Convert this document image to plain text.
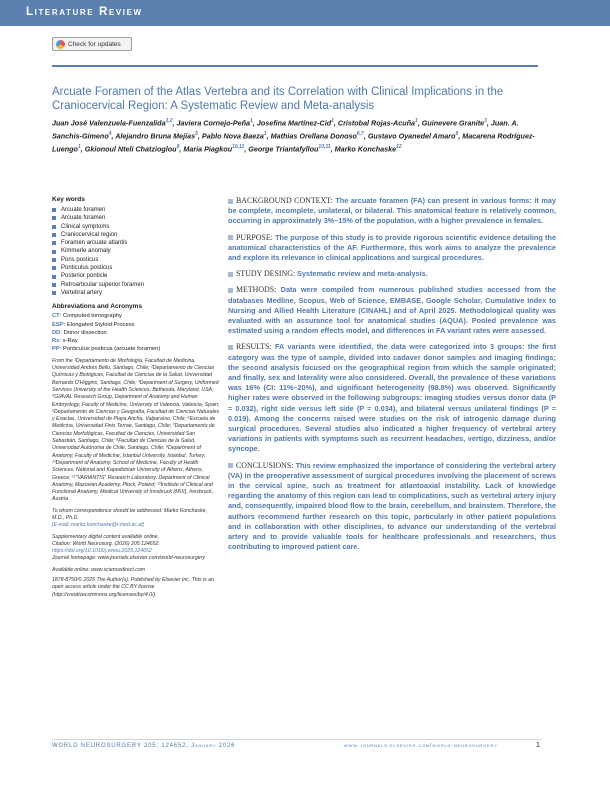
Literature Review
Check for updates
Arcuate Foramen of the Atlas Vertebra and its Correlation with Clinical Implications in the Craniocervical Region: A Systematic Review and Meta-analysis
Juan José Valenzuela-Fuenzalida$^{1,2}$, Javiera Cornejo-Peña$^1$, Josefina Martínez-Cid$^1$, Cristobal Rojas-Acuña$^1$, Guinevere Granite$^3$, Juan. A. Sanchis-Gimeno$^4$, Alejandro Bruna Mejías$^5$, Pablo Nova Baeza$^1$, Mathias Orellana Donoso$^{6,7}$, Gustavo Oyanedel Amaro$^8$, Macarena Rodríguez-Luengo$^1$, Gkionoul Nteli Chatzioglou$^9$, Maria Piagkou$^{10,11}$, George Triantafyllou$^{10,11}$, Marko Konchaske$^{12}$
Key words
Arcuate foramen
Arcuate foramen
Clinical symptoms
Craniocervical region
Foramen arcuate atlantis
Kimmerle anomaly
Pons posticus
Ponticulus posticus
Posterior ponticle
Retroarticular superior foramen
Vertebral artery
Abbreviations and Acronyms
CT: Computed tomography
ESP: Elongated Styloid Process
DD: Donor dissection
Rx: x-Ray
PP: Ponticulus posticus (arcuate foramen)
From the ¹Departamento de Morfología, Facultad de Medicina, Universidad Andrés Bello, Santiago, Chile; ²Departamento de Ciencias Químicas y Biológicas, Facultad de Ciencias de la Salud, Universidad Bernardo O'Higgins, Santiago, Chile; ³Department of Surgery, Uniformed Services University of the Health Sciences, Bethesda, Maryland, USA; ⁴GIAVAL Research Group, Department of Anatomy and Human Embryology, Faculty of Medicine, University of Valencia, Valencia, Spain; ⁵Departamento de Ciencias y Geografía, Facultad de Ciencias Naturales y Exactas, Universidad de Playa Ancha, Valparaíso, Chile; ⁶Escuela de Medicina, Universidad Finis Terrae, Santiago, Chile; ⁷Departamento de Ciencias Morfológicas, Facultad de Ciencias, Universidad San Sebastián, Santiago, Chile; ⁸Facultad de Ciencias de la Salud, Universidad Autónoma de Chile, Santiago, Chile; ⁹Department of Anatomy, Faculty of Medicine, Istanbul University, Istanbul, Turkey; ¹⁰Department of Anatomy, School of Medicine, Faculty of Health Sciences, National and Kapodistrian University of Athens, Athens, Greece; ¹¹"VARIANTIS" Research Laboratory, Department of Clinical Anatomy, Mazovian Academy, Płock, Poland; ¹²Institute of Clinical and Functional Anatomy, Medical University of Innsbruck (MUI), Innsbruck, Austria
To whom correspondence should be addressed: Marko Konchaske, M.D., Ph.D.
[E-mail: marko.konchaske@i-med.ac.at]
Supplementary digital content available online.
Citation: World Neurosurg. (2026) 205:124652.
https://doi.org/10.1016/j.wneu.2025.124652
Journal homepage: www.journals.elsevier.com/world-neurosurgery
Available online: www.sciencedirect.com
1878-8750/© 2025 The Author(s). Published by Elsevier Inc. This is an open access article under the CC BY license (http://creativecommons.org/licenses/by/4.0/).

BACKGROUND CONTEXT: The arcuate foramen (FA) can present in various forms: it may be complete, incomplete, unilateral, or bilateral. This anatomical feature is relatively common, occurring in approximately 3%–15% of the population, with a higher prevalence in females.

PURPOSE: The purpose of this study is to provide rigorous scientific evidence detailing the anatomical characteristics of the AF. Furthermore, this work aims to analyze the prevalence and explore its relevance in clinical applications and surgical procedures.

STUDY DESING: Systematic review and meta-analysis.

METHODS: Data were compiled from numerous published studies accessed from the databases Medline, Scopus, Web of Science, EMBASE, Google Scholar, Cumulative Index to Nursing and Allied Health Literature (CINAHL) and of April 2025. Methodological quality was evaluated with an assurance tool for anatomical studies (AQUA). Pooled prevalence was estimated using a random effects model, and differences in FA variant rates were assessed.

RESULTS: FA variants were identified, the data were categorized into 3 groups: the first category was the type of sample, divided into cadaver donor samples and imaging findings; the second analysis focused on the geographical region from which the sample originated; and finally, sex and laterality were also considered. Overall, the prevalence of these variations was 16% (CI: 11%–20%), and significant heterogeneity (98.8%) was observed. Significantly higher rates were observed in the following subgroups: imaging studies versus donor data (P = 0.032), right side versus left side (P = 0.034), and bilateral versus unilateral findings (P = 0.019). Among the concerns raised were studies on the risk of iatrogenic damage during surgical procedures. Several studies also indicated a higher frequency of vertebral artery variations in patients with symptoms such as recurrent headaches, vertigo, dizziness, and/or syncope.

CONCLUSIONS: This review emphasized the importance of considering the vertebral artery (VA) in the preoperative assessment of surgical procedures involving the placement of screws in the cervical spine, such as treatment for atlantoaxial instability. Lack of knowledge regarding the anatomy of this region can lead to complications, such as vertebral artery injury and, consequently, impaired blood flow to the brain, cerebellum, and brainstem. Therefore, the authors recommend further research on this topic, particularly in other patient populations and in collaboration with other disciplines, to advance our understanding of the vertebral artery and to provide valuable tools for healthcare professionals and researchers, thus contributing to improved patient care.

WORLD NEUROSURGERY 205: 124652, January 2026	www.journals.elsevier.com/world-neurosurgery	1
